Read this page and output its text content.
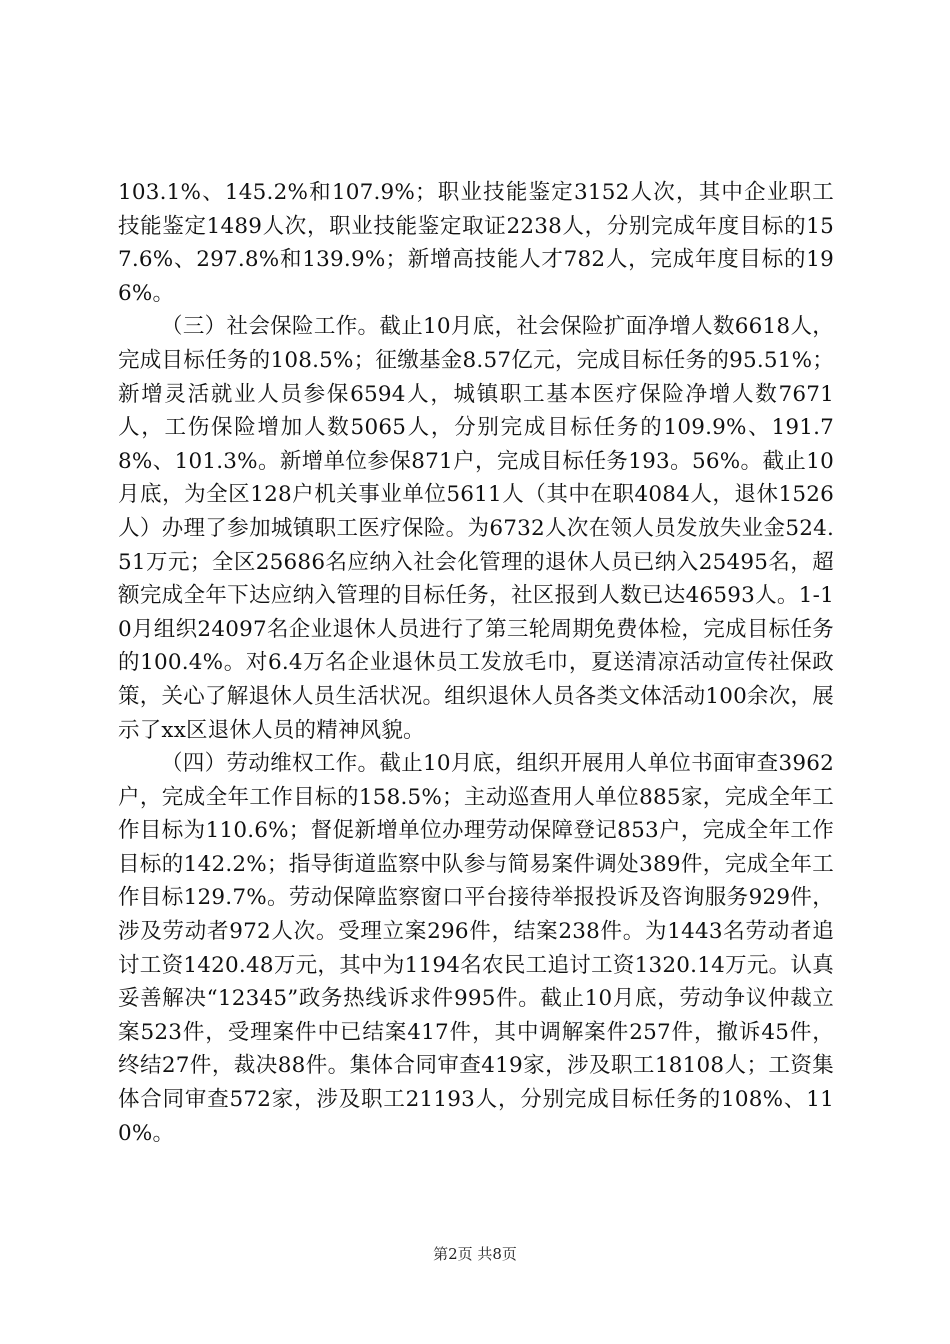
103.1%、145.2%和107.9%；职业技能鉴定3152人次，其中企业职工技能鉴定1489人次，职业技能鉴定取证2238人，分别完成年度目标的157.6%、297.8%和139.9%；新增高技能人才782人，完成年度目标的196%。

（三）社会保险工作。截止10月底，社会保险扩面净增人数6618人，完成目标任务的108.5%；征缴基金8.57亿元，完成目标任务的95.51%；新增灵活就业人员参保6594人，城镇职工基本医疗保险净增人数7671人，工伤保险增加人数5065人，分别完成目标任务的109.9%、191.78%、101.3%。新增单位参保871户，完成目标任务193。56%。截止10月底，为全区128户机关事业单位5611人（其中在职4084人，退休1526人）办理了参加城镇职工医疗保险。为6732人次在领人员发放失业金524.51万元；全区25686名应纳入社会化管理的退休人员已纳入25495名，超额完成全年下达应纳入管理的目标任务，社区报到人数已达46593人。1-10月组织24097名企业退休人员进行了第三轮周期免费体检，完成目标任务的100.4%。对6.4万名企业退休员工发放毛巾，夏送清凉活动宣传社保政策，关心了解退休人员生活状况。组织退休人员各类文体活动100余次，展示了xx区退休人员的精神风貌。

（四）劳动维权工作。截止10月底，组织开展用人单位书面审查3962户，完成全年工作目标的158.5%；主动巡查用人单位885家，完成全年工作目标为110.6%；督促新增单位办理劳动保障登记853户，完成全年工作目标的142.2%；指导街道监察中队参与简易案件调处389件，完成全年工作目标129.7%。劳动保障监察窗口平台接待举报投诉及咨询服务929件，涉及劳动者972人次。受理立案296件，结案238件。为1443名劳动者追讨工资1420.48万元，其中为1194名农民工追讨工资1320.14万元。认真妥善解决“12345”政务热线诉求件995件。截止10月底，劳动争议仲裁立案523件，受理案件中已结案417件，其中调解案件257件，撤诉45件，终结27件，裁决88件。集体合同审查419家，涉及职工18108人；工资集体合同审查572家，涉及职工21193人，分别完成目标任务的108%、110%。

第2页 共8页
